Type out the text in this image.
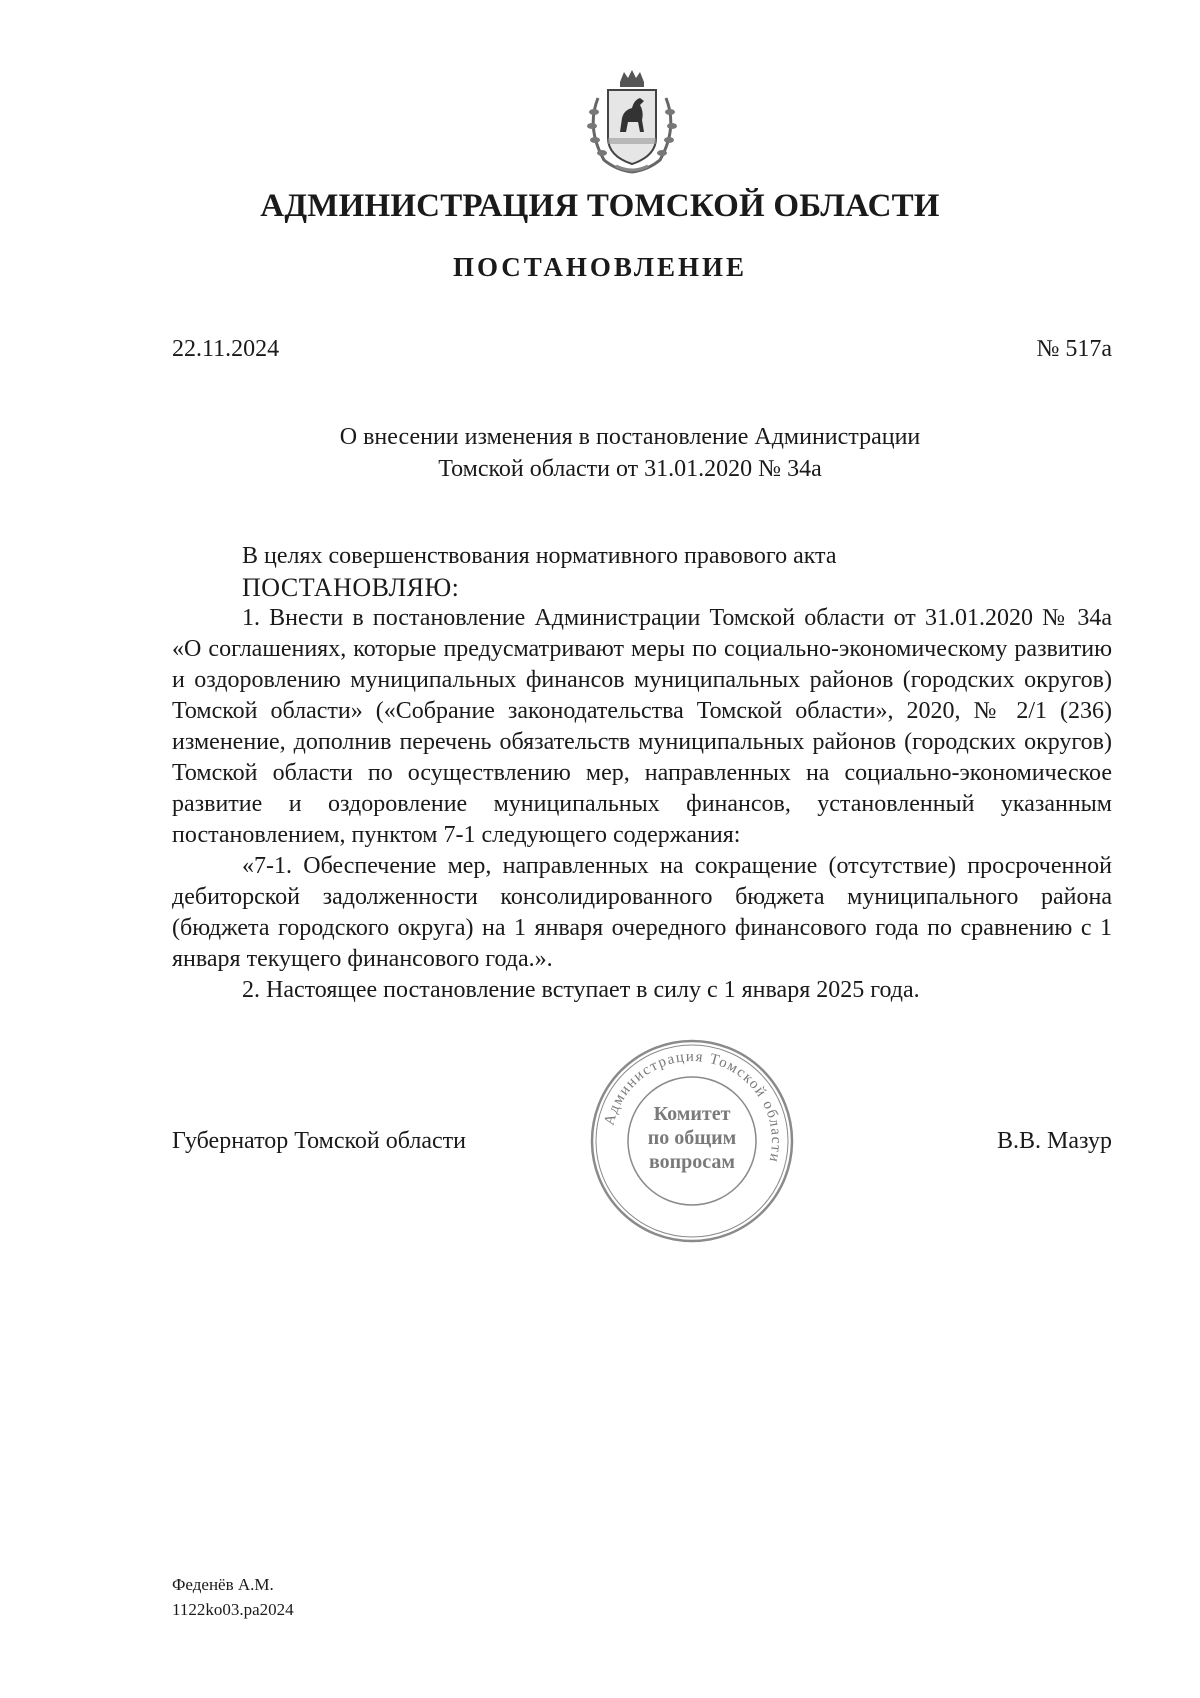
АДМИНИСТРАЦИЯ ТОМСКОЙ ОБЛАСТИ
ПОСТАНОВЛЕНИЕ
22.11.2024	№ 517а
О внесении изменения в постановление Администрации
Томской области от 31.01.2020 № 34а

В целях совершенствования нормативного правового акта

ПОСТАНОВЛЯЮ:

1. Внести в постановление Администрации Томской области от 31.01.2020 № 34а «О соглашениях, которые предусматривают меры по социально-экономическому развитию и оздоровлению муниципальных финансов муниципальных районов (городских округов) Томской области» («Собрание законодательства Томской области», 2020, № 2/1 (236) изменение, дополнив перечень обязательств муниципальных районов (городских округов) Томской области по осуществлению мер, направленных на социально-экономическое развитие и оздоровление муниципальных финансов, установленный указанным постановлением, пунктом 7-1 следующего содержания:

«7-1. Обеспечение мер, направленных на сокращение (отсутствие) просроченной дебиторской задолженности консолидированного бюджета муниципального района (бюджета городского округа) на 1 января очередного финансового года по сравнению с 1 января текущего финансового года.».

2. Настоящее постановление вступает в силу с 1 января 2025 года.

Губернатор Томской области	В.В. Мазур
Администрация Томской области
Комитет
по общим
вопросам
Феденёв А.М.
1122ko03.pa2024
